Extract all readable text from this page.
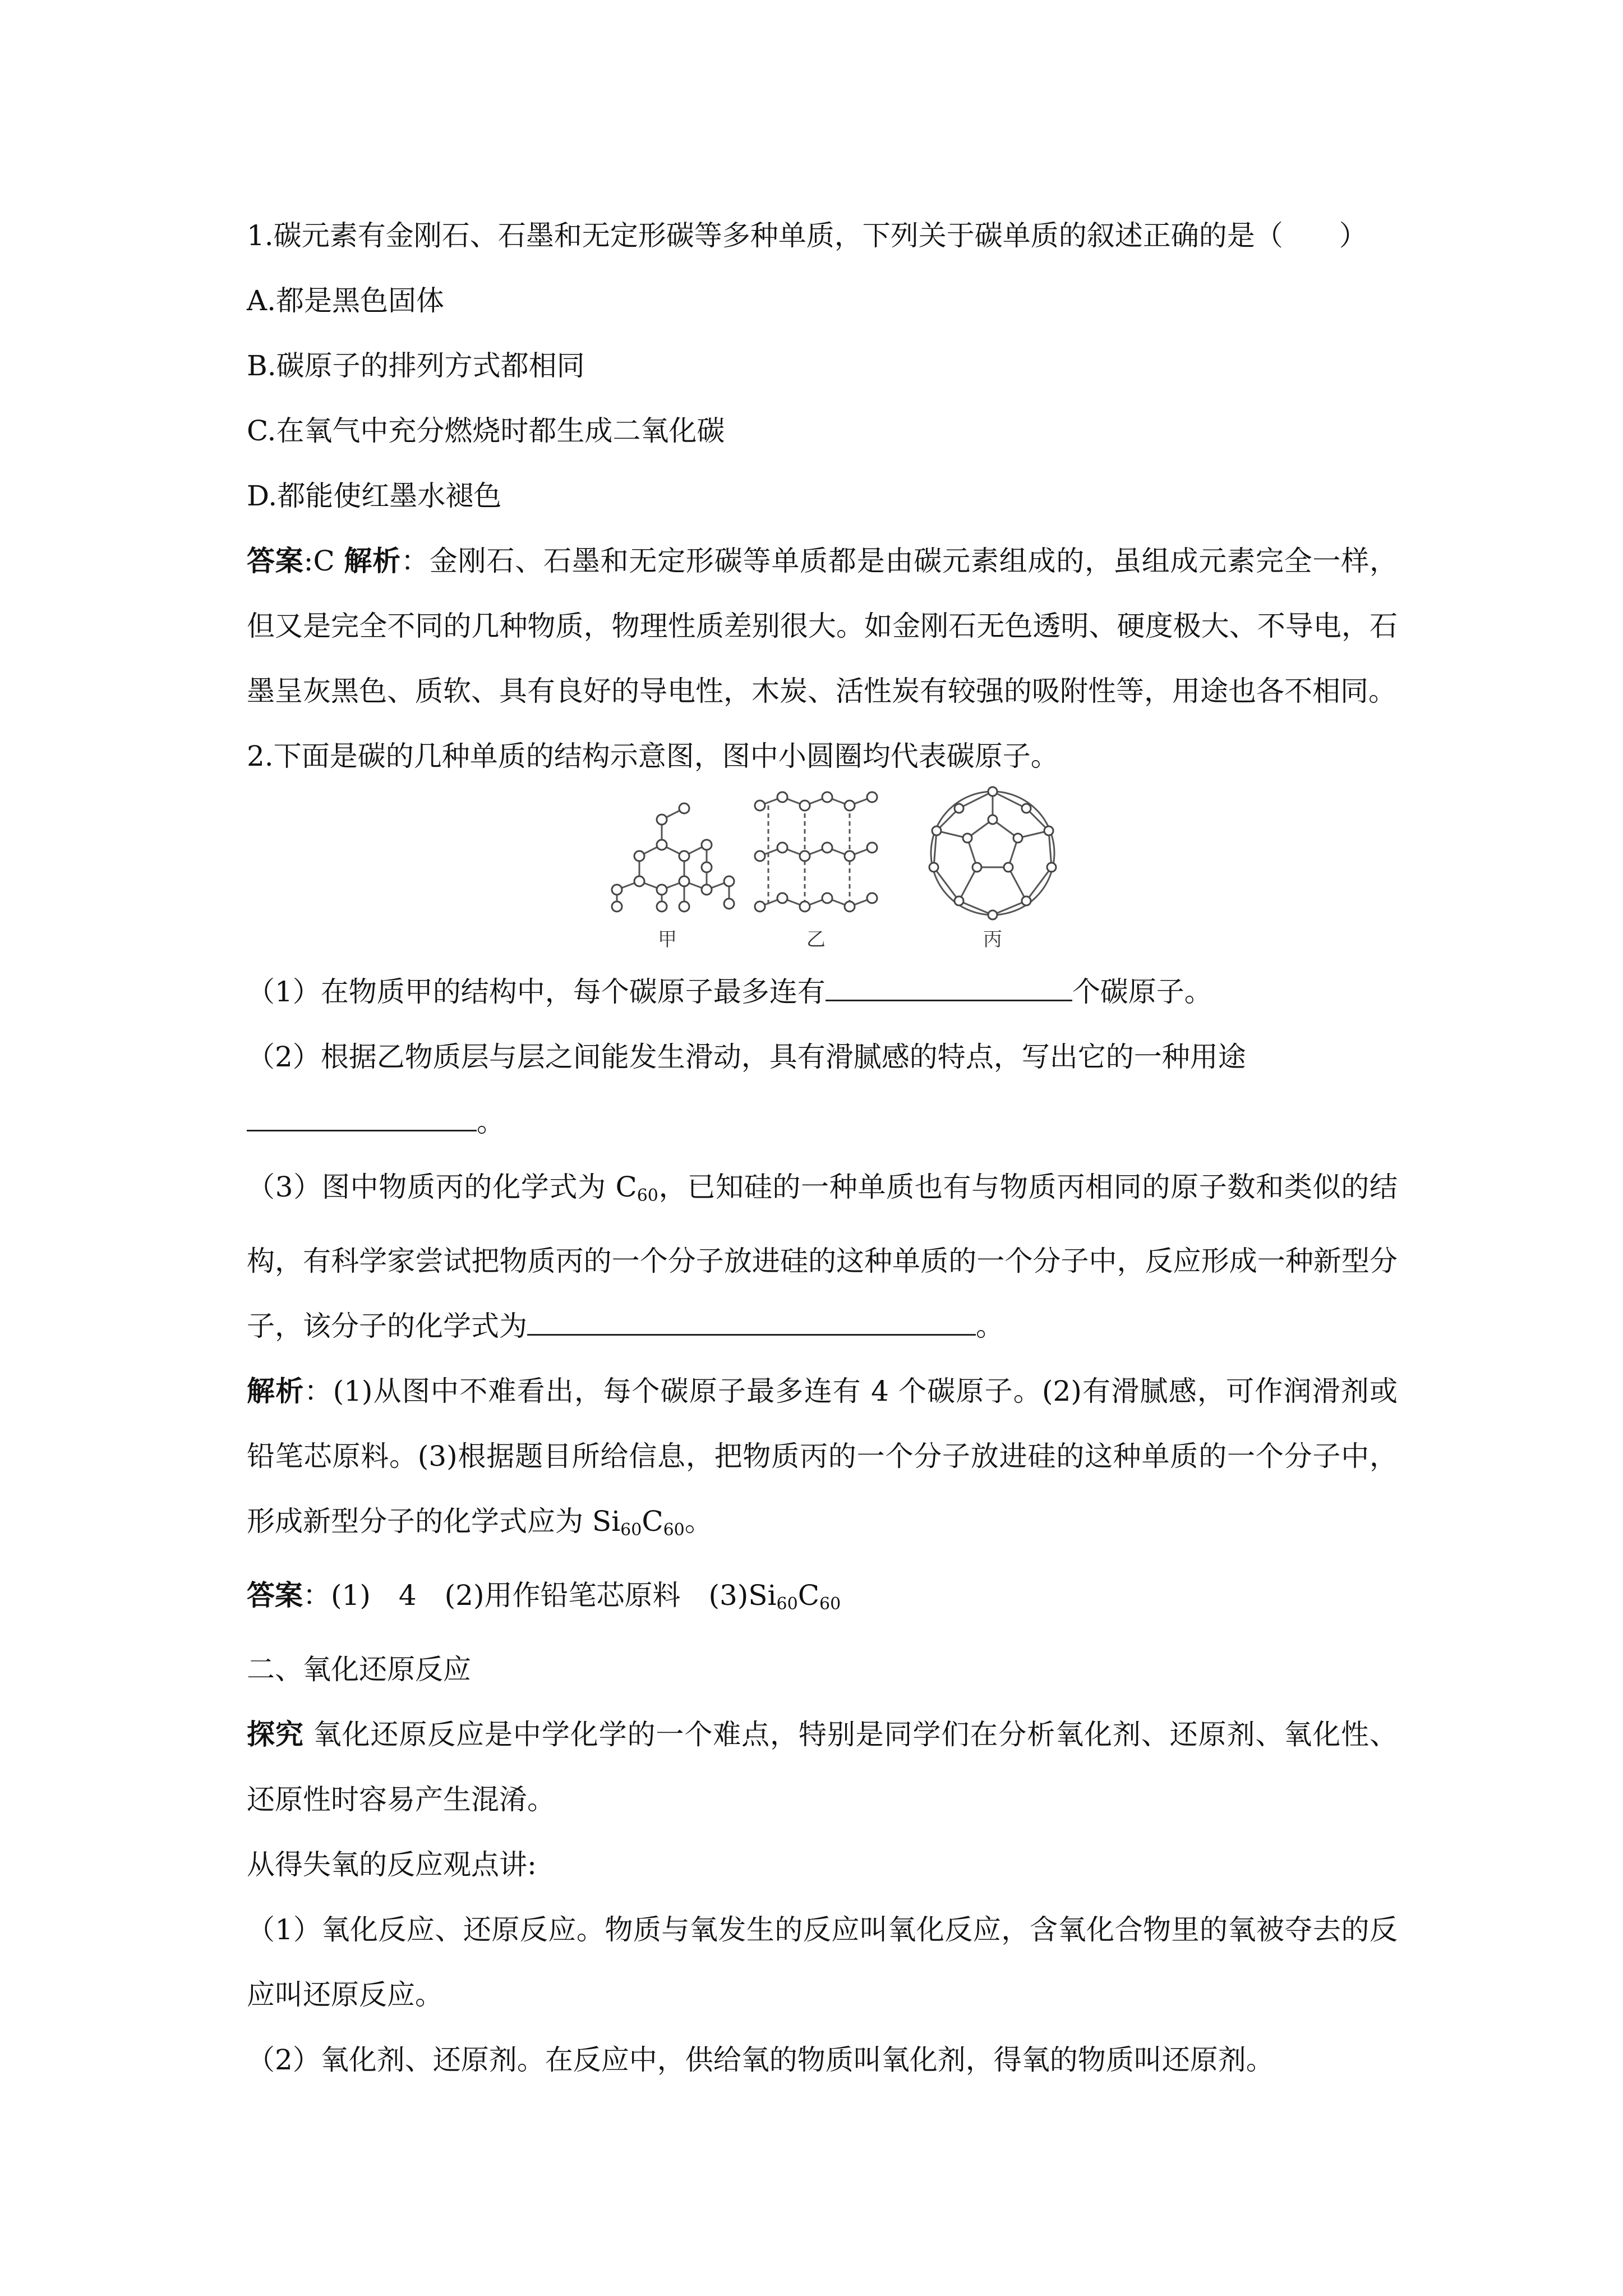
1.碳元素有金刚石、石墨和无定形碳等多种单质，下列关于碳单质的叙述正确的是（　　）

A.都是黑色固体

B.碳原子的排列方式都相同

C.在氧气中充分燃烧时都生成二氧化碳

D.都能使红墨水褪色

答案:C 解析：金刚石、石墨和无定形碳等单质都是由碳元素组成的，虽组成元素完全一样，但又是完全不同的几种物质，物理性质差别很大。如金刚石无色透明、硬度极大、不导电，石墨呈灰黑色、质软、具有良好的导电性，木炭、活性炭有较强的吸附性等，用途也各不相同。

2.下面是碳的几种单质的结构示意图，图中小圆圈均代表碳原子。

甲	乙	丙

（1）在物质甲的结构中，每个碳原子最多连有	个碳原子。

（2）根据乙物质层与层之间能发生滑动，具有滑腻感的特点，写出它的一种用途

。

（3）图中物质丙的化学式为 $C_{60}$，已知硅的一种单质也有与物质丙相同的原子数和类似的结构，有科学家尝试把物质丙的一个分子放进硅的这种单质的一个分子中，反应形成一种新型分子，该分子的化学式为	。

解析：(1)从图中不难看出，每个碳原子最多连有 4 个碳原子。(2)有滑腻感，可作润滑剂或铅笔芯原料。(3)根据题目所给信息，把物质丙的一个分子放进硅的这种单质的一个分子中，形成新型分子的化学式应为 $Si_{60}C_{60}$。

答案：(1)　4　(2)用作铅笔芯原料　$(3)Si_{60}C_{60}$

二、氧化还原反应

探究 氧化还原反应是中学化学的一个难点，特别是同学们在分析氧化剂、还原剂、氧化性、还原性时容易产生混淆。

从得失氧的反应观点讲:

（1）氧化反应、还原反应。物质与氧发生的反应叫氧化反应，含氧化合物里的氧被夺去的反应叫还原反应。

（2）氧化剂、还原剂。在反应中，供给氧的物质叫氧化剂，得氧的物质叫还原剂。
